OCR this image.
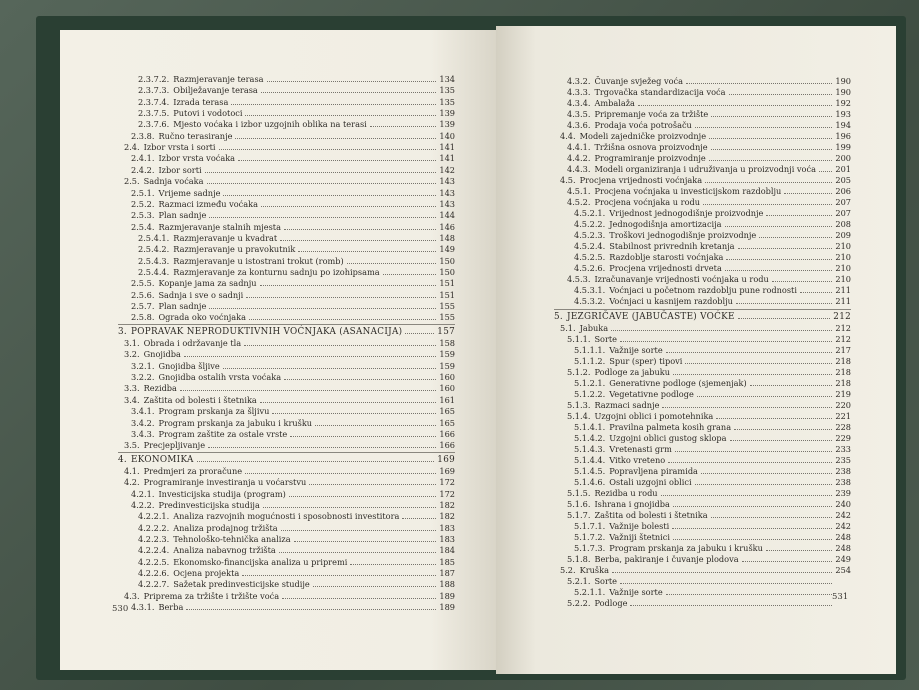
2.3.7.2. Razmjeravanje terasa	134
2.3.7.3. Obilježavanje terasa	135
2.3.7.4. Izrada terasa	135
2.3.7.5. Putovi i vodotoci	139
2.3.7.6. Mjesto voćaka i izbor uzgojnih oblika na terasi	139
2.3.8. Ručno terasiranje	140
2.4. Izbor vrsta i sorti	141
2.4.1. Izbor vrsta voćaka	141
2.4.2. Izbor sorti	142
2.5. Sadnja voćaka	143
2.5.1. Vrijeme sadnje	143
2.5.2. Razmaci između voćaka	143
2.5.3. Plan sadnje	144
2.5.4. Razmjeravanje stalnih mjesta	146
2.5.4.1. Razmjeravanje u kvadrat	148
2.5.4.2. Razmjeravanje u pravokutnik	149
2.5.4.3. Razmjeravanje u istostrani trokut (romb)	150
2.5.4.4. Razmjeravanje za konturnu sadnju po izohipsama	150
2.5.5. Kopanje jama za sadnju	151
2.5.6. Sadnja i sve o sadnji	151
2.5.7. Plan sadnje	155
2.5.8. Ograda oko voćnjaka	155
3. POPRAVAK NEPRODUKTIVNIH VOĆNJAKA (ASANACIJA)	157
3.1. Obrada i održavanje tla	158
3.2. Gnojidba	159
3.2.1. Gnojidba šljive	159
3.2.2. Gnojidba ostalih vrsta voćaka	160
3.3. Rezidba	160
3.4. Zaštita od bolesti i štetnika	161
3.4.1. Program prskanja za šljivu	165
3.4.2. Program prskanja za jabuku i krušku	165
3.4.3. Program zaštite za ostale vrste	166
3.5. Precjepljivanje	166
4. EKONOMIKA	169
4.1. Predmjeri za proračune	169
4.2. Programiranje investiranja u voćarstvu	172
4.2.1. Investicijska studija (program)	172
4.2.2. Predinvesticijska studija	182
4.2.2.1. Analiza razvojnih mogućnosti i sposobnosti investitora	182
4.2.2.2. Analiza prodajnog tržišta	183
4.2.2.3. Tehnološko-tehnička analiza	183
4.2.2.4. Analiza nabavnog tržišta	184
4.2.2.5. Ekonomsko-financijska analiza u pripremi	185
4.2.2.6. Ocjena projekta	187
4.2.2.7. Sažetak predinvesticijske studije	188
4.3. Priprema za tržište i tržište voća	189
4.3.1. Berba	189
530
4.3.2. Čuvanje svježeg voća	190
4.3.3. Trgovačka standardizacija voća	190
4.3.4. Ambalaža	192
4.3.5. Pripremanje voća za tržište	193
4.3.6. Prodaja voća potrošaču	194
4.4. Modeli zajedničke proizvodnje	196
4.4.1. Tržišna osnova proizvodnje	199
4.4.2. Programiranje proizvodnje	200
4.4.3. Modeli organiziranja i udruživanja u proizvodnji voća 201
4.5. Procjena vrijednosti voćnjaka	205
4.5.1. Procjena voćnjaka u investicijskom razdoblju	206
4.5.2. Procjena voćnjaka u rodu	207
4.5.2.1. Vrijednost jednogodišnje proizvodnje	207
4.5.2.2. Jednogodišnja amortizacija	208
4.5.2.3. Troškovi jednogodišnje proizvodnje	209
4.5.2.4. Stabilnost privrednih kretanja	210
4.5.2.5. Razdoblje starosti voćnjaka	210
4.5.2.6. Procjena vrijednosti drveta	210
4.5.3. Izračunavanje vrijednosti voćnjaka u rodu	210
4.5.3.1. Voćnjaci u početnom razdoblju pune rodnosti	211
4.5.3.2. Voćnjaci u kasnijem razdoblju	211
5. JEZGRIČAVE (JABUČASTE) VOĆKE	212
5.1. Jabuka	212
5.1.1. Sorte	212
5.1.1.1. Važnije sorte	217
5.1.1.2. Spur (sper) tipovi	218
5.1.2. Podloge za jabuku	218
5.1.2.1. Generativne podloge (sjemenjak)	218
5.1.2.2. Vegetativne podloge	219
5.1.3. Razmaci sadnje	220
5.1.4. Uzgojni oblici i pomotehnika	221
5.1.4.1. Pravilna palmeta kosih grana	228
5.1.4.2. Uzgojni oblici gustog sklopa	229
5.1.4.3. Vretenasti grm	233
5.1.4.4. Vitko vreteno	235
5.1.4.5. Popravljena piramida	238
5.1.4.6. Ostali uzgojni oblici	238
5.1.5. Rezidba u rodu	239
5.1.6. Ishrana i gnojidba	240
5.1.7. Zaštita od bolesti i štetnika	242
5.1.7.1. Važnije bolesti	242
5.1.7.2. Važniji štetnici	248
5.1.7.3. Program prskanja za jabuku i krušku	248
5.1.8. Berba, pakiranje i čuvanje plodova	249
5.2. Kruška	254
5.2.1. Sorte
5.2.1.1. Važnije sorte
5.2.2. Podloge
531
